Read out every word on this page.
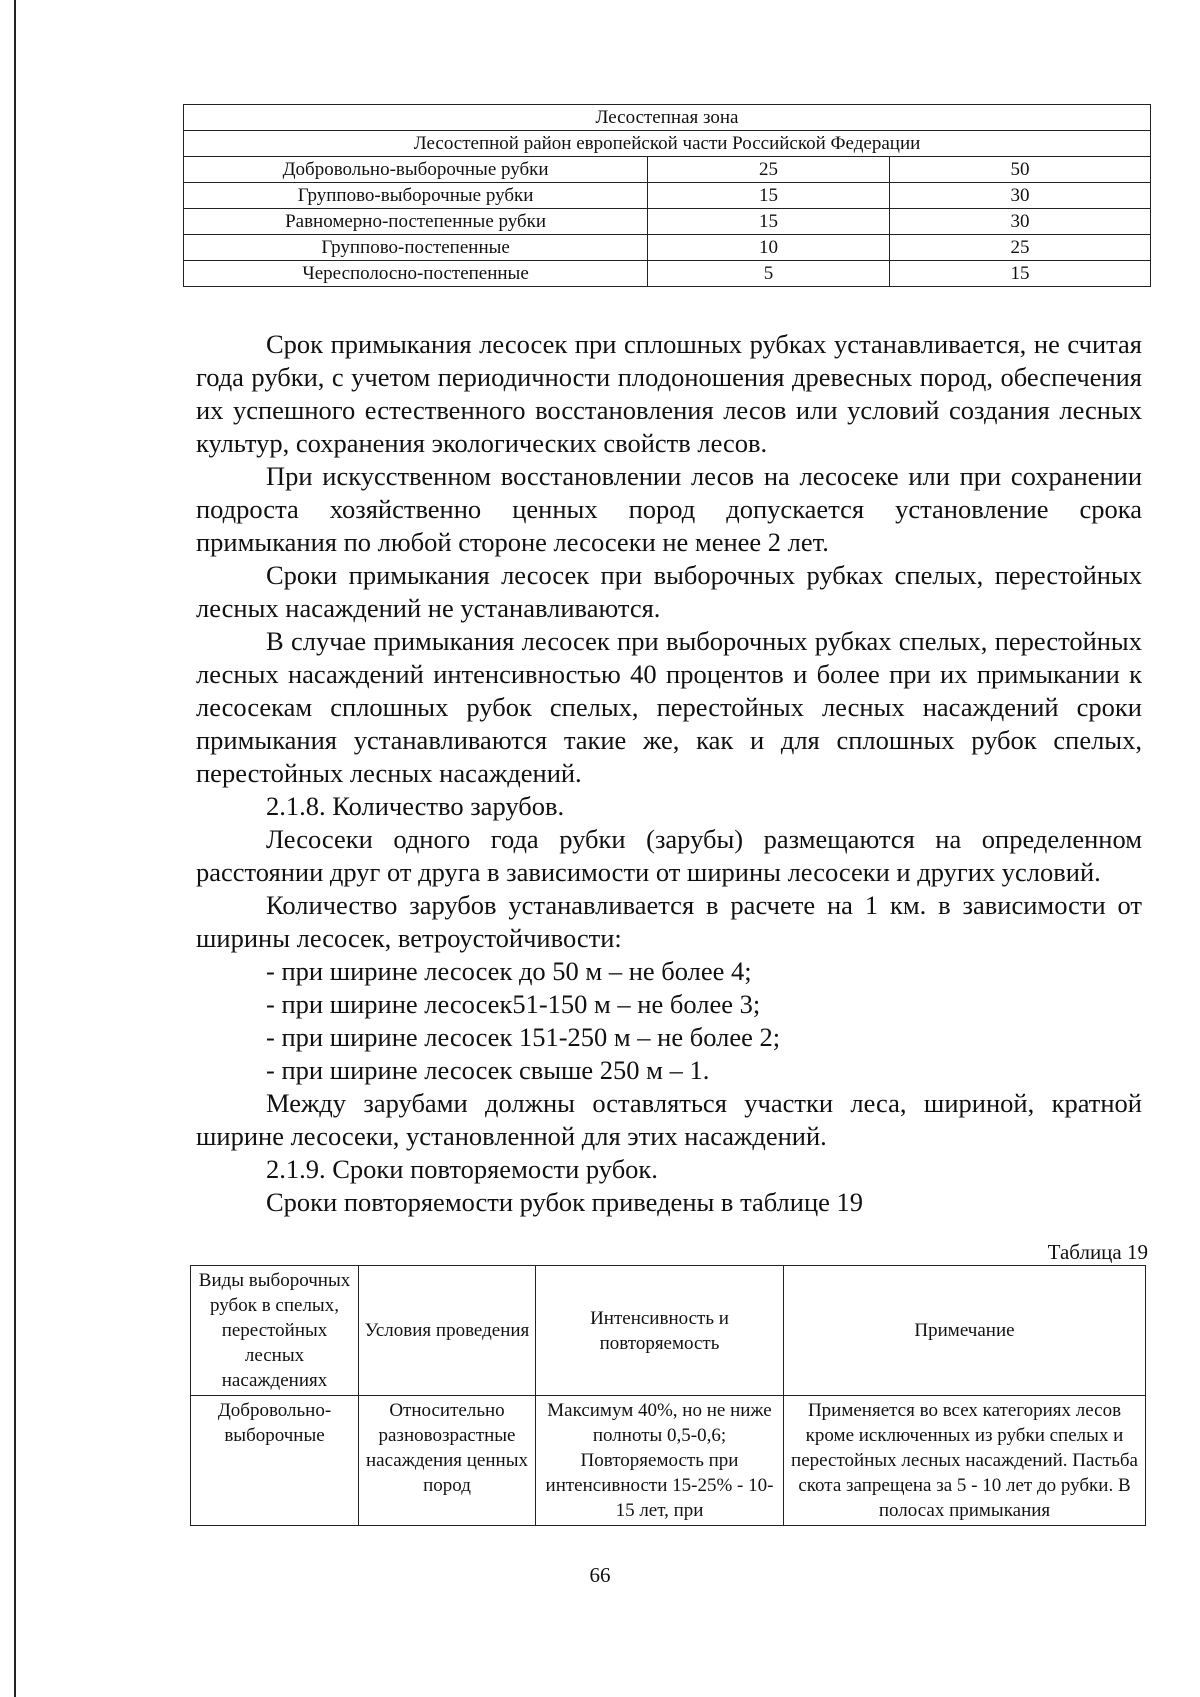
Лесостепная зона		
Лесостепной район европейской части Российской Федерации		
Добровольно-выборочные рубки	25	50
Группово-выборочные рубки	15	30
Равномерно-постепенные рубки	15	30
Группово-постепенные	10	25
Чересполосно-постепенные	5	15

Срок примыкания лесосек при сплошных рубках устанавливается, не считая года рубки, с учетом периодичности плодоношения древесных пород, обеспечения их успешного естественного восстановления лесов или условий создания лесных культур, сохранения экологических свойств лесов.

При искусственном восстановлении лесов на лесосеке или при сохранении подроста хозяйственно ценных пород допускается установление срока примыкания по любой стороне лесосеки не менее 2 лет.

Сроки примыкания лесосек при выборочных рубках спелых, перестойных лесных насаждений не устанавливаются.

В случае примыкания лесосек при выборочных рубках спелых, перестойных лесных насаждений интенсивностью 40 процентов и более при их примыкании к лесосекам сплошных рубок спелых, перестойных лесных насаждений сроки примыкания устанавливаются такие же, как и для сплошных рубок спелых, перестойных лесных насаждений.

2.1.8. Количество зарубов.

Лесосеки одного года рубки (зарубы) размещаются на определенном расстоянии друг от друга в зависимости от ширины лесосеки и других условий.

Количество зарубов устанавливается в расчете на 1 км. в зависимости от ширины лесосек, ветроустойчивости:

- при ширине лесосек до 50 м – не более 4;

- при ширине лесосек51-150 м – не более 3;

- при ширине лесосек 151-250 м – не более 2;

- при ширине лесосек свыше 250 м – 1.

Между зарубами должны оставляться участки леса, шириной, кратной ширине лесосеки, установленной для этих насаждений.

2.1.9. Сроки повторяемости рубок.

Сроки повторяемости рубок приведены в таблице 19

Таблица 19
Виды выборочных рубок в спелых, перестойных лесных насаждениях	Условия проведения	Интенсивность и повторяемость	Примечание
Добровольно-выборочные	Относительно разновозрастные насаждения ценных пород	Максимум 40%, но не ниже полноты 0,5-0,6; Повторяемость при интенсивности 15-25% - 10-15 лет, при	Применяется во всех категориях лесов кроме исключенных из рубки спелых и перестойных лесных насаждений. Пастьба скота запрещена за 5 - 10 лет до рубки. В полосах примыкания
66
